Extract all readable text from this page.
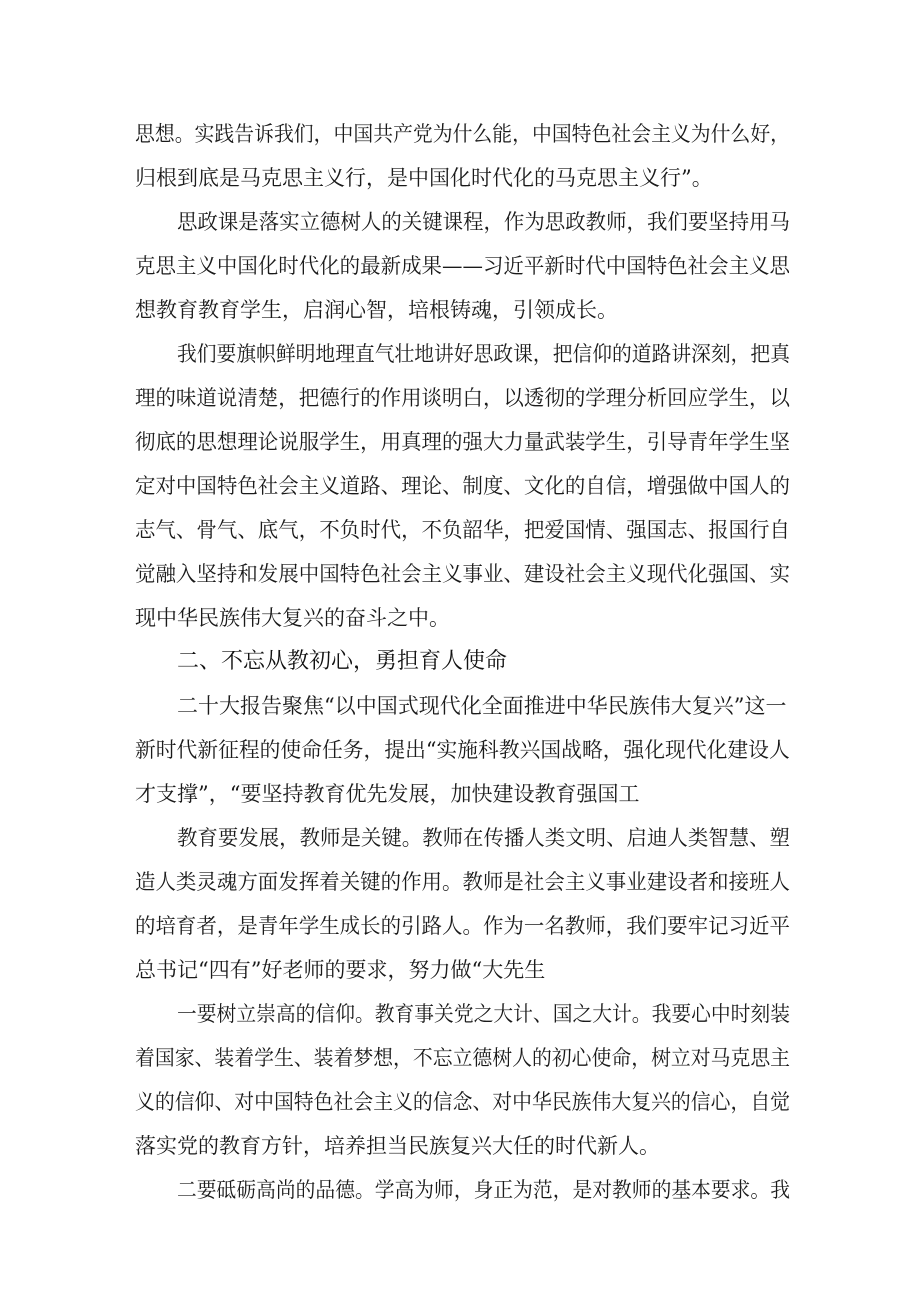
思想。实践告诉我们，中国共产党为什么能，中国特色社会主义为什么好，
归根到底是马克思主义行，是中国化时代化的马克思主义行”。
思政课是落实立德树人的关键课程，作为思政教师，我们要坚持用马
克思主义中国化时代化的最新成果——习近平新时代中国特色社会主义思
想教育教育学生，启润心智，培根铸魂，引领成长。
我们要旗帜鲜明地理直气壮地讲好思政课，把信仰的道路讲深刻，把真
理的味道说清楚，把德行的作用谈明白，以透彻的学理分析回应学生，以
彻底的思想理论说服学生，用真理的强大力量武装学生，引导青年学生坚
定对中国特色社会主义道路、理论、制度、文化的自信，增强做中国人的
志气、骨气、底气，不负时代，不负韶华，把爱国情、强国志、报国行自
觉融入坚持和发展中国特色社会主义事业、建设社会主义现代化强国、实
现中华民族伟大复兴的奋斗之中。
二、不忘从教初心，勇担育人使命
二十大报告聚焦“以中国式现代化全面推进中华民族伟大复兴”这一
新时代新征程的使命任务，提出“实施科教兴国战略，强化现代化建设人
才支撑”，“要坚持教育优先发展，加快建设教育强国工
教育要发展，教师是关键。教师在传播人类文明、启迪人类智慧、塑
造人类灵魂方面发挥着关键的作用。教师是社会主义事业建设者和接班人
的培育者，是青年学生成长的引路人。作为一名教师，我们要牢记习近平
总书记“四有”好老师的要求，努力做“大先生
一要树立崇高的信仰。教育事关党之大计、国之大计。我要心中时刻装
着国家、装着学生、装着梦想，不忘立德树人的初心使命，树立对马克思主
义的信仰、对中国特色社会主义的信念、对中华民族伟大复兴的信心，自觉
落实党的教育方针，培养担当民族复兴大任的时代新人。
二要砥砺高尚的品德。学高为师，身正为范，是对教师的基本要求。我
